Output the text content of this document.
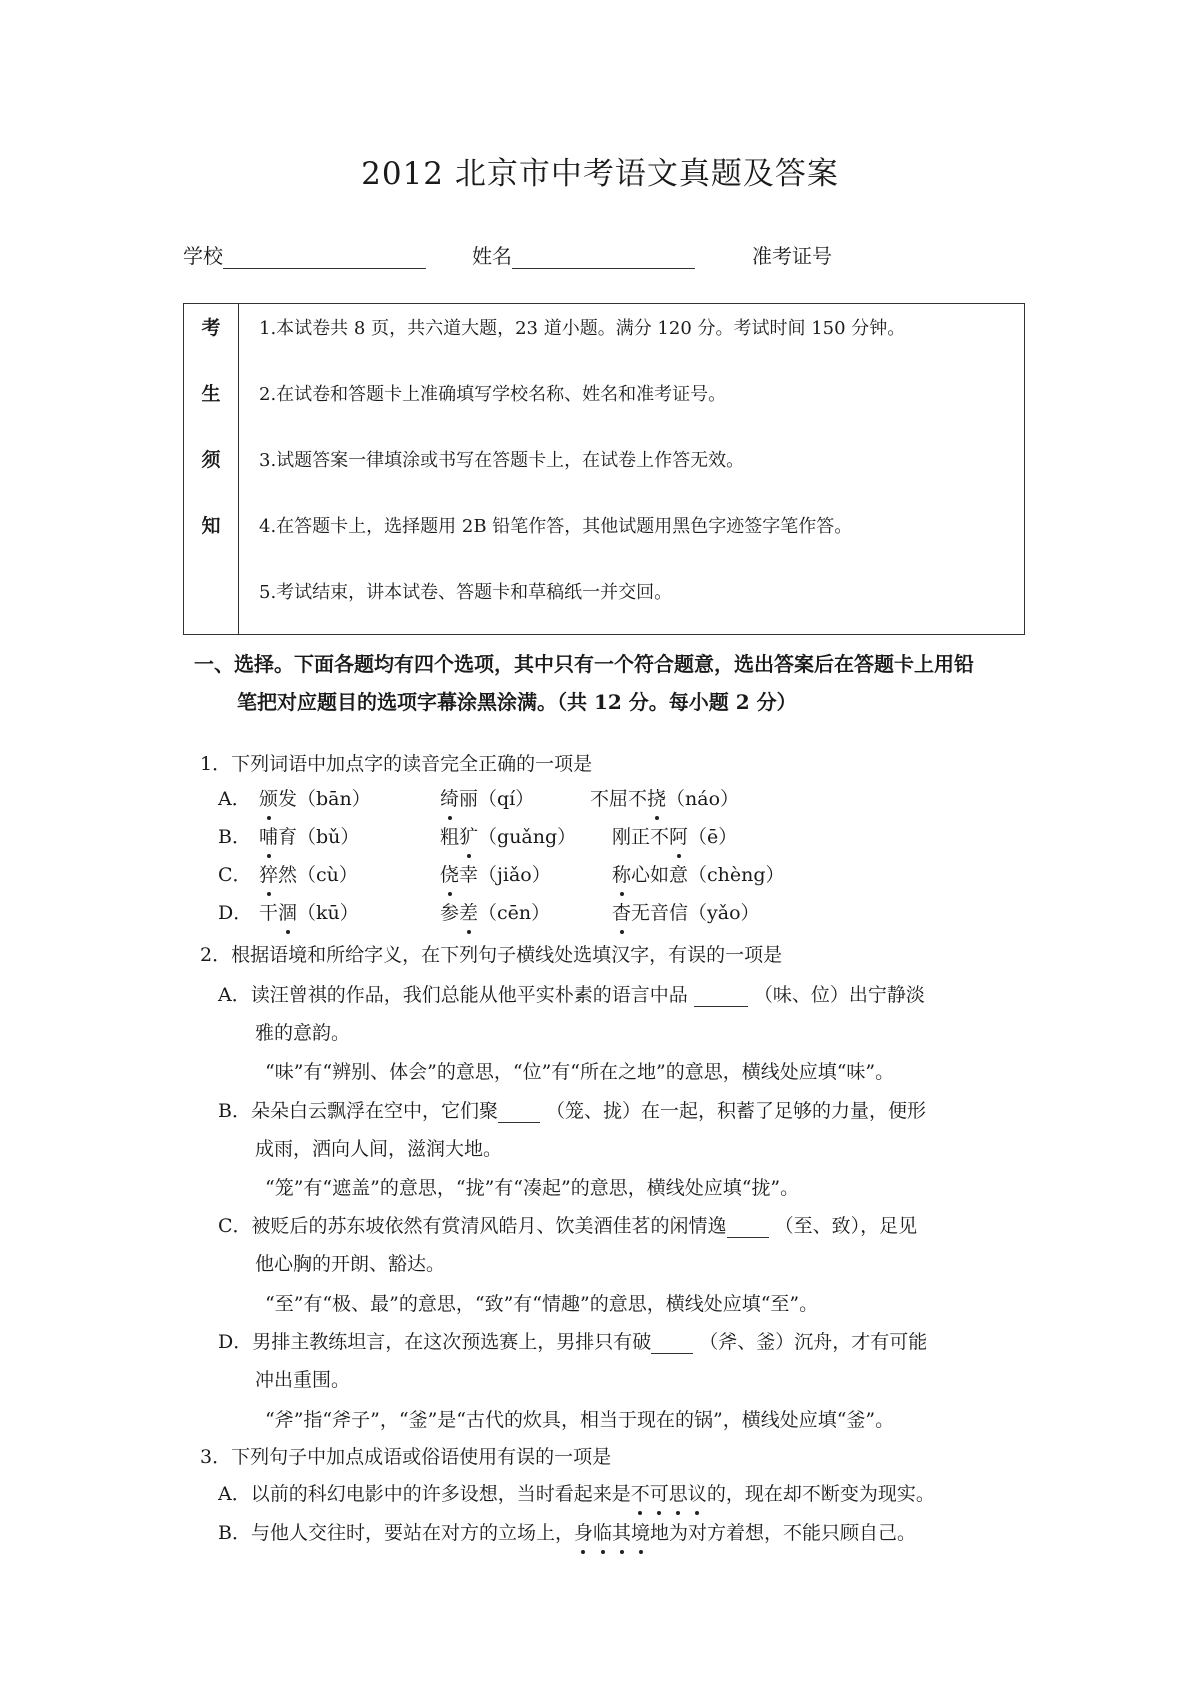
2012 北京市中考语文真题及答案
学校	姓名	准考证号
考
生
须
知

1.本试卷共 8 页，共六道大题，23 道小题。满分 120 分。考试时间 150 分钟。
2.在试卷和答题卡上准确填写学校名称、姓名和准考证号。
3.试题答案一律填涂或书写在答题卡上，在试卷上作答无效。
4.在答题卡上，选择题用 2B 铅笔作答，其他试题用黑色字迹签字笔作答。
5.考试结束，讲本试卷、答题卡和草稿纸一并交回。
一、选择。下面各题均有四个选项，其中只有一个符合题意，选出答案后在答题卡上用铅
笔把对应题目的选项字幕涂黑涂满。（共 12 分。每小题 2 分）
1．下列词语中加点字的读音完全正确的一项是
A． 颁发（bān）	绮丽（qí）	不屈不挠（náo）
B． 哺育（bǔ）	粗犷（guǎng） 刚正不阿（ē）
C． 猝然（cù）	侥幸（jiǎo）	称心如意（chèng）
D． 干涸（kū）	参差（cēn）	杳无音信（yǎo）
2．根据语境和所给字义，在下列句子横线处选填汉字，有误的一项是
A．读汪曾祺的作品，我们总能从他平实朴素的语言中品	（味、位）出宁静淡
雅的意韵。
“味”有“辨别、体会”的意思，“位”有“所在之地”的意思，横线处应填“味”。
B．朵朵白云飘浮在空中，它们聚	（笼、拢）在一起，积蓄了足够的力量，便形
成雨，洒向人间，滋润大地。
“笼”有“遮盖”的意思，“拢”有“凑起”的意思，横线处应填“拢”。
C．被贬后的苏东坡依然有赏清风皓月、饮美酒佳茗的闲情逸	（至、致），足见
他心胸的开朗、豁达。
“至”有“极、最”的意思，“致”有“情趣”的意思，横线处应填“至”。
D．男排主教练坦言，在这次预选赛上，男排只有破	（斧、釜）沉舟，才有可能
冲出重围。
“斧”指“斧子”，“釜”是“古代的炊具，相当于现在的锅”，横线处应填“釜”。
3．下列句子中加点成语或俗语使用有误的一项是
A．以前的科幻电影中的许多设想，当时看起来是不可思议的，现在却不断变为现实。
B．与他人交往时，要站在对方的立场上，身临其境地为对方着想，不能只顾自己。
